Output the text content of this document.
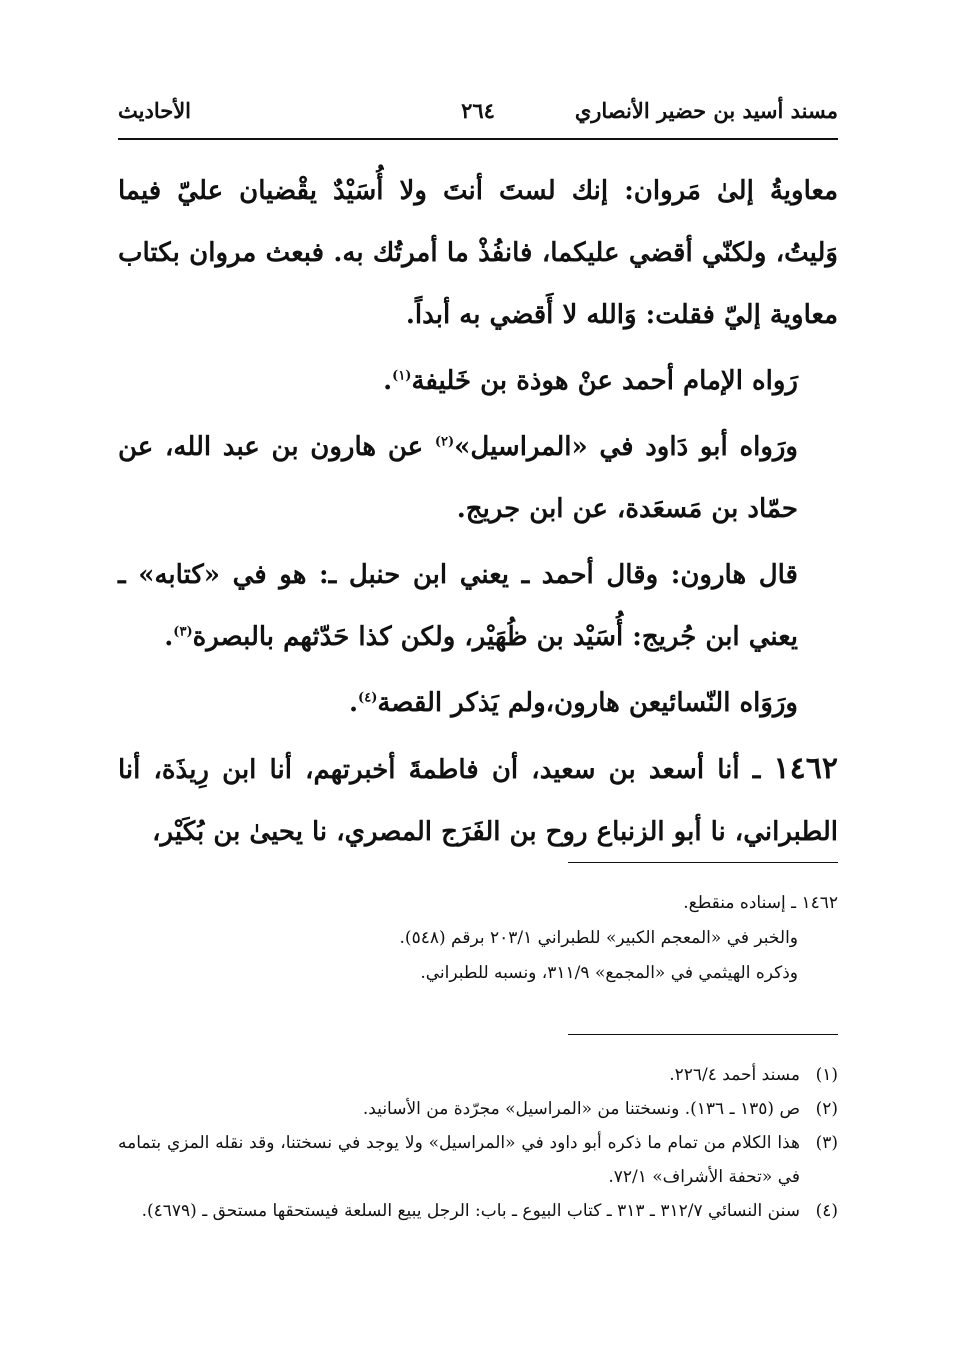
مسند أسيد بن حضير الأنصاري
٢٦٤
الأحاديث

معاويةُ إلىٰ مَروان: إنك لستَ أنتَ ولا أُسَيْدٌ يقْضيان عليّ فيما وَليتُ، ولكنّي أقضي عليكما، فانفُذْ ما أمرتُك به. فبعث مروان بكتاب معاوية إليّ فقلت: وَالله لا أَقضي به أبداً.

رَواه الإمام أحمد عنْ هوذة بن خَليفة$^{(١)}$.

ورَواه أبو دَاود في «المراسيل»$^{(٢)}$ عن هارون بن عبد الله، عن حمّاد بن مَسعَدة، عن ابن جريج.

قال هارون: وقال أحمد ـ يعني ابن حنبل ـ: هو في «كتابه» ـ يعني ابن جُريج: أُسَيْد بن ظُهَيْر، ولكن كذا حَدّثهم بالبصرة$^{(٣)}$.

ورَوَاه النّسائيعن هارون،ولم يَذكر القصة$^{(٤)}$.

١٤٦٢ ـ أنا أسعد بن سعيد، أن فاطمةَ أخبرتهم، أنا ابن رِيذَة، أنا الطبراني، نا أبو الزنباع روح بن الفَرَج المصري، نا يحيىٰ بن بُكَيْر،

١٤٦٢ ـ إسناده منقطع.

والخبر في «المعجم الكبير» للطبراني ٢٠٣/١ برقم (٥٤٨).

وذكره الهيثمي في «المجمع» ٣١١/٩، ونسبه للطبراني.

(١)
مسند أحمد ٢٢٦/٤.
(٢)
ص (١٣٥ ـ ١٣٦). ونسختنا من «المراسيل» مجرّدة من الأسانيد.
(٣)
هذا الكلام من تمام ما ذكره أبو داود في «المراسيل» ولا يوجد في نسختنا، وقد نقله المزي بتمامه في «تحفة الأشراف» ٧٢/١.
(٤)
سنن النسائي ٣١٢/٧ ـ ٣١٣ ـ كتاب البيوع ـ باب: الرجل يبيع السلعة فيستحقها مستحق ـ (٤٦٧٩).
